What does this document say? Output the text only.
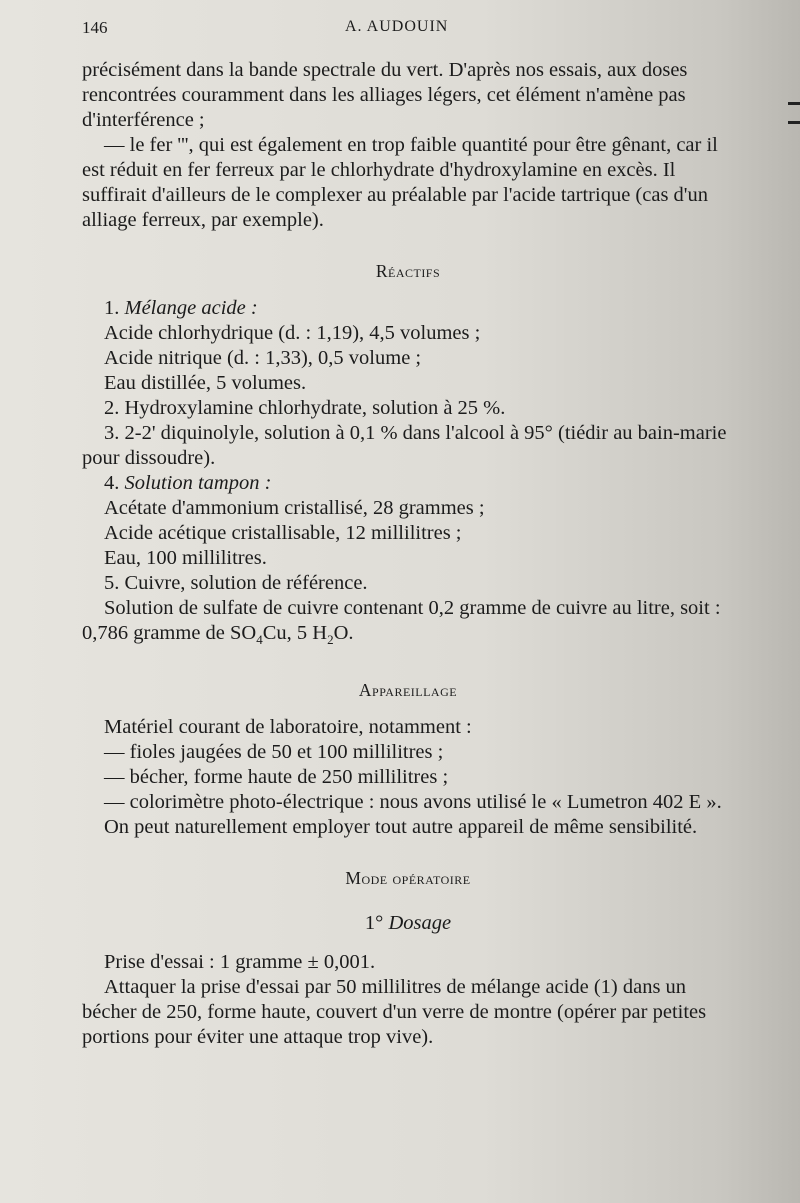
146	A. AUDOUIN

précisément dans la bande spectrale du vert. D'après nos essais, aux doses rencontrées couramment dans les alliages légers, cet élément n'amène pas d'interférence ;

— le fer ''', qui est également en trop faible quantité pour être gênant, car il est réduit en fer ferreux par le chlorhydrate d'hydroxylamine en excès. Il suffirait d'ailleurs de le complexer au préalable par l'acide tartrique (cas d'un alliage ferreux, par exemple).

Réactifs

1. Mélange acide :

Acide chlorhydrique (d. : 1,19), 4,5 volumes ;

Acide nitrique (d. : 1,33), 0,5 volume ;

Eau distillée, 5 volumes.

2. Hydroxylamine chlorhydrate, solution à 25 %.

3. 2-2' diquinolyle, solution à 0,1 % dans l'alcool à 95° (tiédir au bain-marie pour dissoudre).

4. Solution tampon :

Acétate d'ammonium cristallisé, 28 grammes ;

Acide acétique cristallisable, 12 millilitres ;

Eau, 100 millilitres.

5. Cuivre, solution de référence.

Solution de sulfate de cuivre contenant 0,2 gramme de cuivre au litre, soit : 0,786 gramme de $SO_4Cu$, 5 $H_2O$.

Appareillage

Matériel courant de laboratoire, notamment :

— fioles jaugées de 50 et 100 millilitres ;

— bécher, forme haute de 250 millilitres ;

— colorimètre photo-électrique : nous avons utilisé le « Lumetron 402 E ».

On peut naturellement employer tout autre appareil de même sensibilité.

Mode opératoire
1° Dosage

Prise d'essai : 1 gramme ± 0,001.

Attaquer la prise d'essai par 50 millilitres de mélange acide (1) dans un bécher de 250, forme haute, couvert d'un verre de montre (opérer par petites portions pour éviter une attaque trop vive).
